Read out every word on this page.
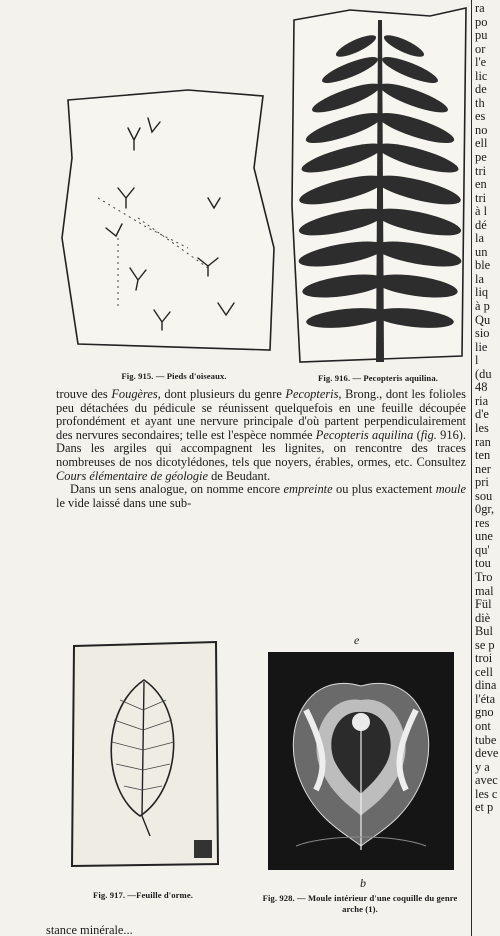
Fig. 915. — Pieds d'oiseaux.	Fig. 916. — Pecopteris aquilina.

trouve des Fougères, dont plusieurs du genre Pecopteris, Brong., dont les folioles peu détachées du pédicule se réunissent quelquefois en une feuille découpée profondément et ayant une nervure principale d'où partent perpendiculairement des nervures secondaires; telle est l'espèce nommée Pecopteris aquilina (fig. 916). Dans les argiles qui accompagnent les lignites, on rencontre des traces nombreuses de nos dicotylédones, tels que noyers, érables, ormes, etc. Consultez Cours élémentaire de géologie de Beudant.

Dans un sens analogue, on nomme encore empreinte ou plus exactement moule le vide laissé dans une sub-

Fig. 917. —Feuille d'orme.
e
b
Fig. 928. — Moule intérieur d'une coquille du genre arche (1).
stance minérale...
ra
po
pu
or
l'e
lic
de
th
es
no
ell
pe
tri
en
tri
à l
dé
la
un
ble
la
liq
à p
Qu
sio
lie
l
(du
48
ria
d'e
les
ran
ten
ner
pri
sou
0gr,
res
une
qu'
tou
Tro
mal
Fül
diè
Bul
se p
troi
cell
dina
l'éta
gno
ont
tube
deve
y a
avec
les c
et p
